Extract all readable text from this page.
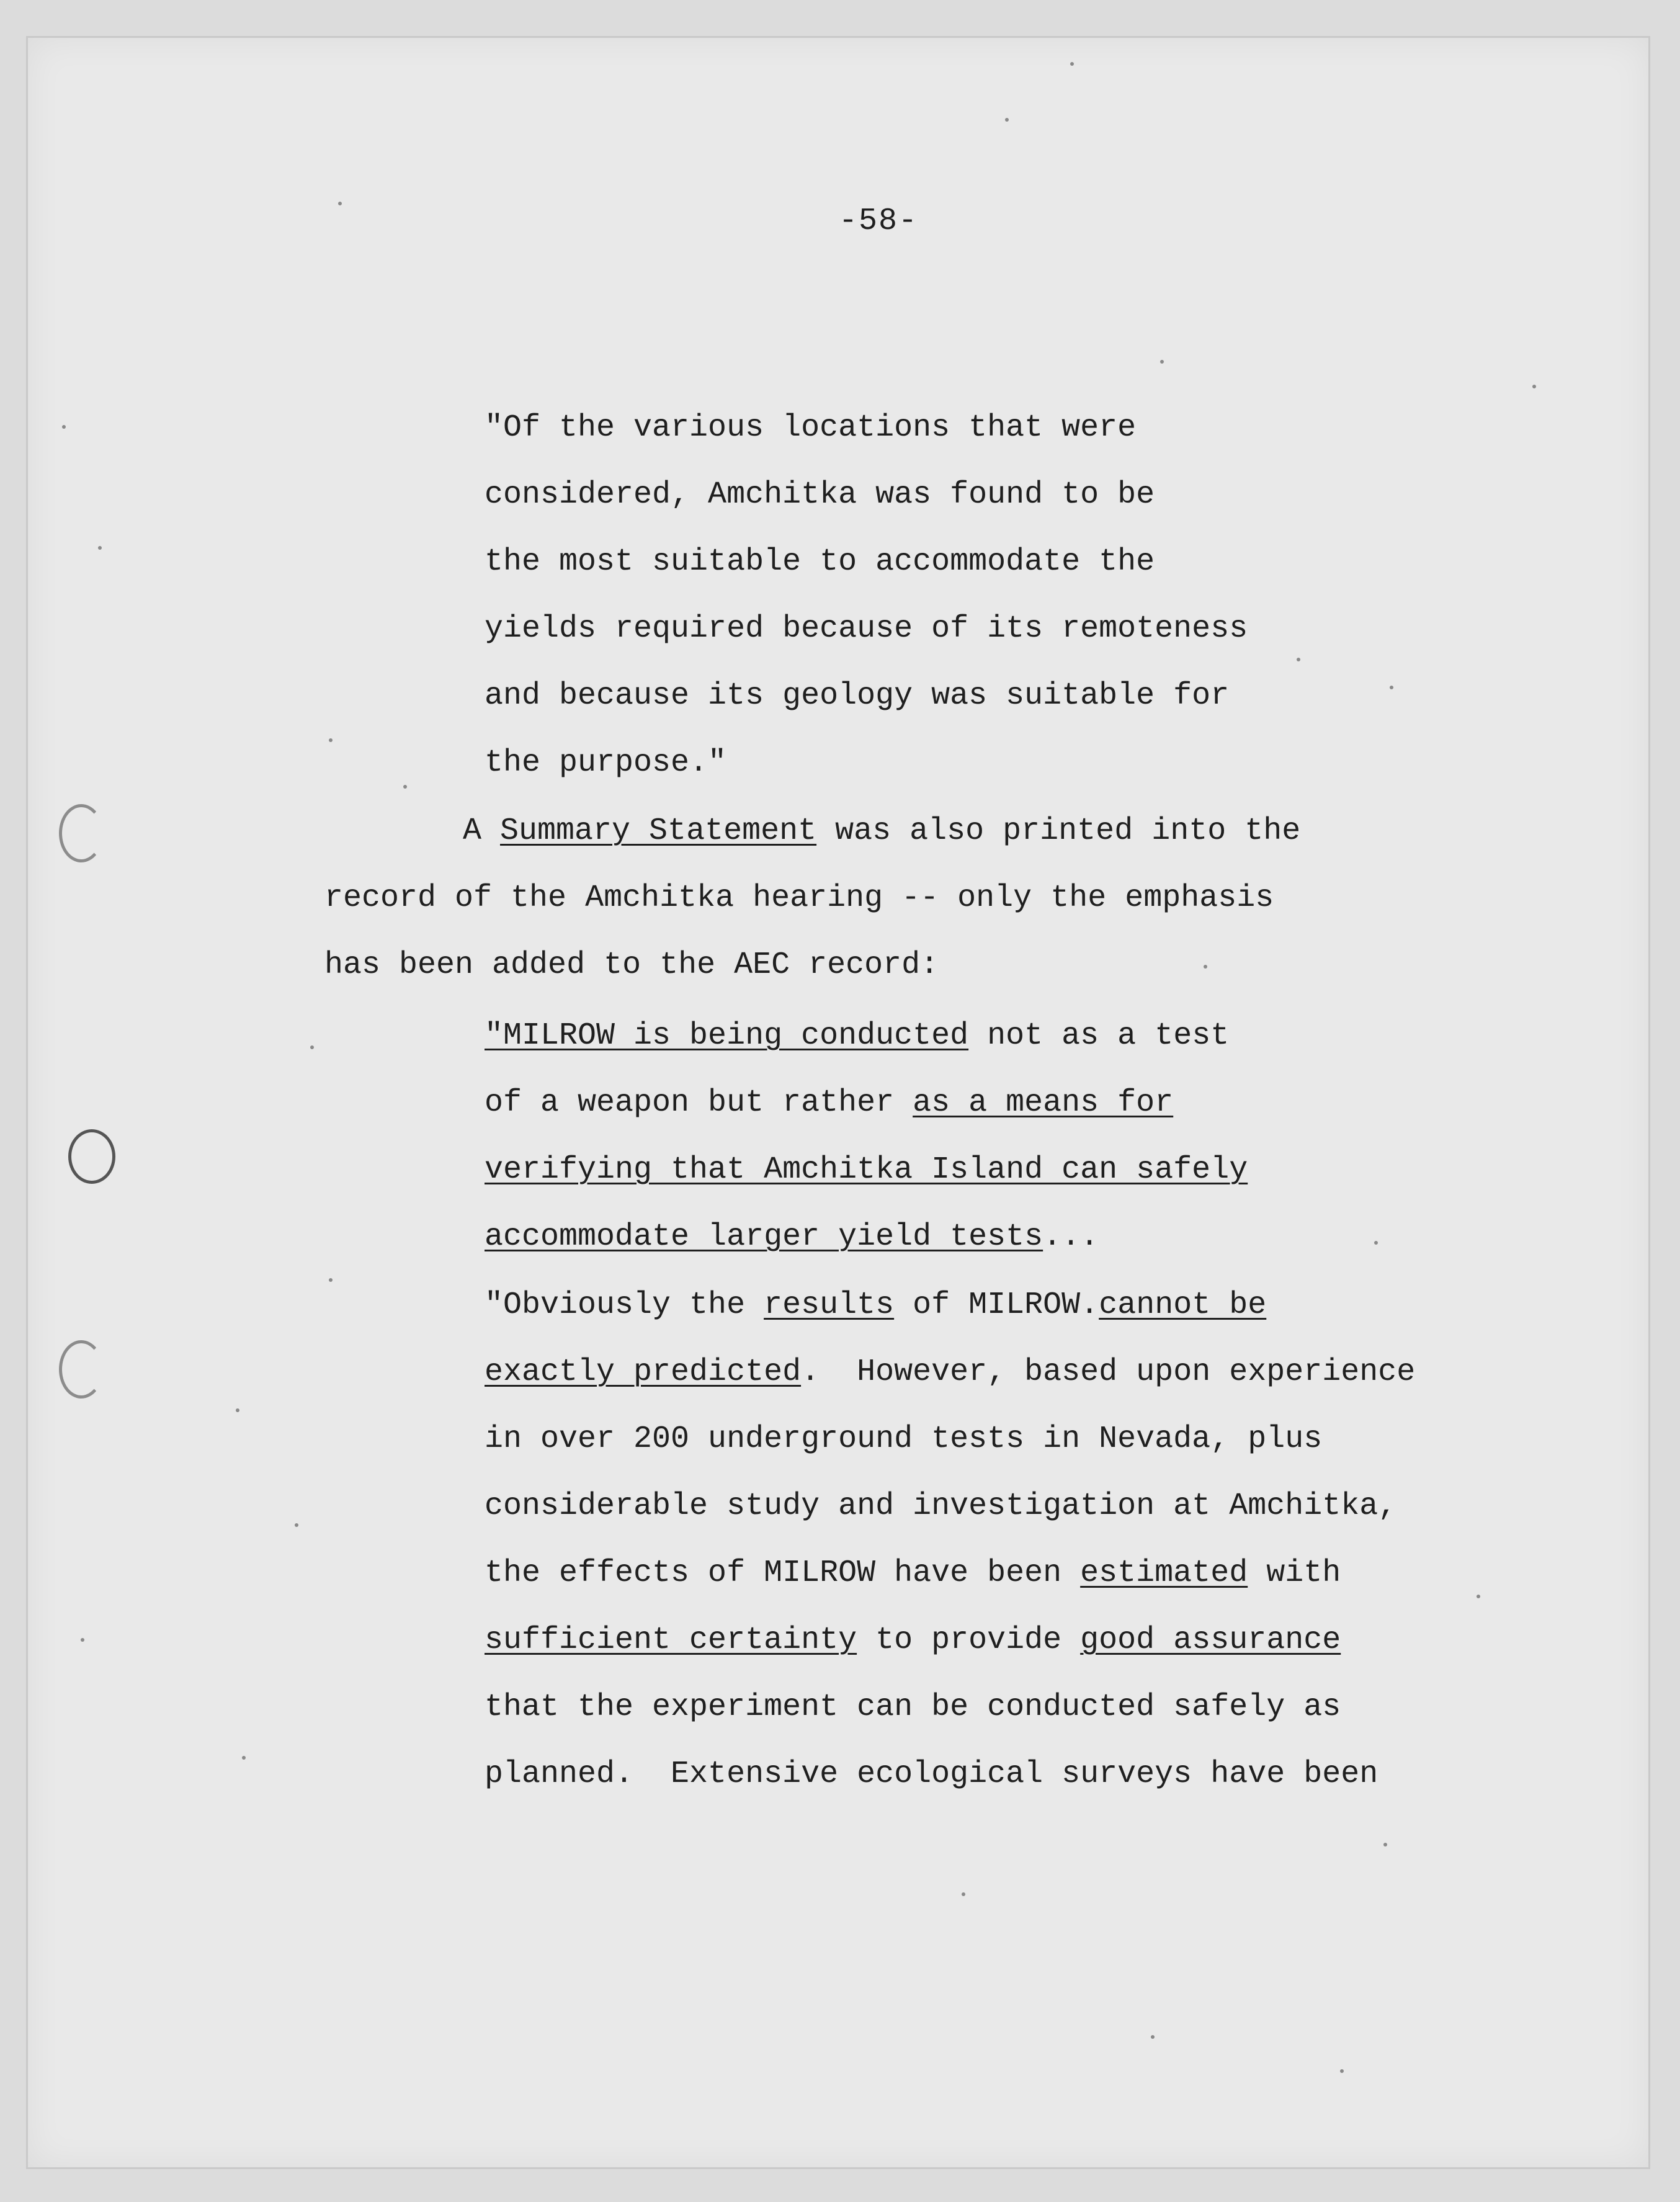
-58-
"Of the various locations that were
considered, Amchitka was found to be
the most suitable to accommodate the
yields required because of its remoteness
and because its geology was suitable for
the purpose."
A Summary Statement was also printed into the
record of the Amchitka hearing -- only the emphasis
has been added to the AEC record:
"MILROW is being conducted not as a test
of a weapon but rather as a means for
verifying that Amchitka Island can safely
accommodate larger yield tests...
"Obviously the results of MILROW.cannot be
exactly predicted.  However, based upon experience
in over 200 underground tests in Nevada, plus
considerable study and investigation at Amchitka,
the effects of MILROW have been estimated with
sufficient certainty to provide good assurance
that the experiment can be conducted safely as
planned.  Extensive ecological surveys have been
